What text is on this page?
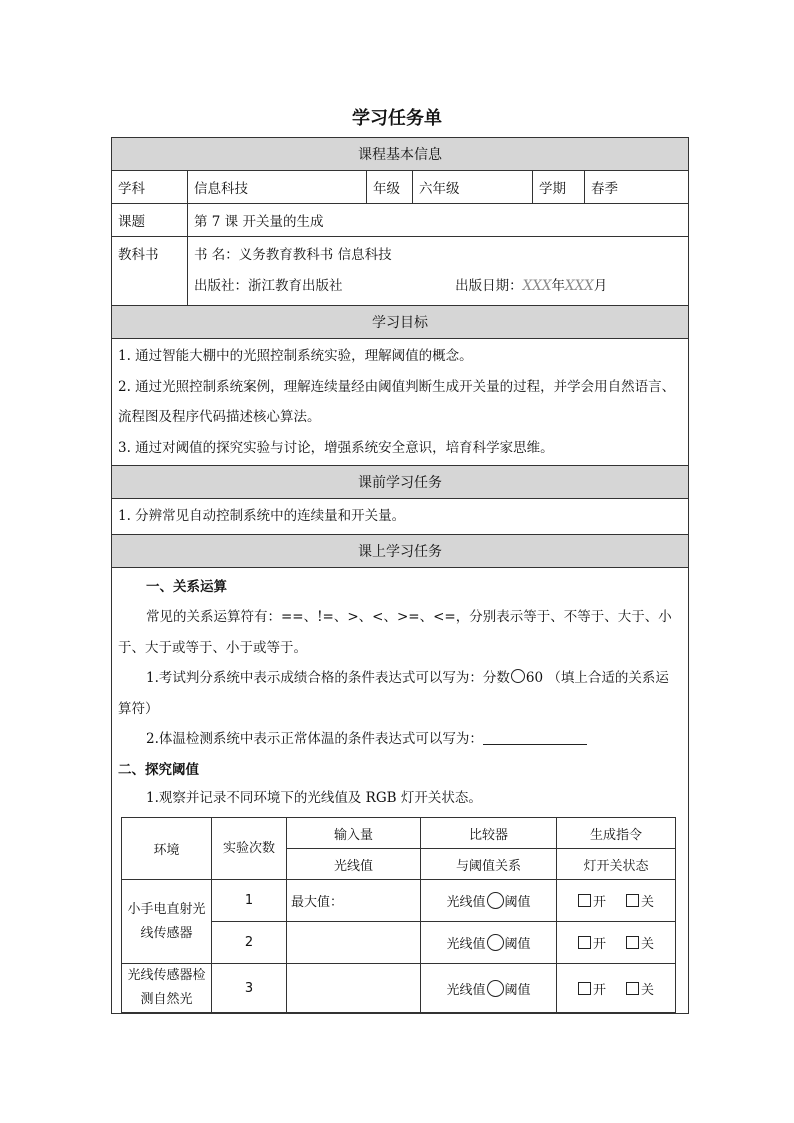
学习任务单
课程基本信息
学科	信息科技	年级	六年级	学期	春季
课题	第 7 课 开关量的生成
教科书	书 名：义务教育教科书 信息科技
出版社：浙江教育出版社	出版日期：XXX年XXX月

学习目标

1. 通过智能大棚中的光照控制系统实验，理解阈值的概念。

2. 通过光照控制系统案例，理解连续量经由阈值判断生成开关量的过程，并学会用自然语言、流程图及程序代码描述核心算法。

3. 通过对阈值的探究实验与讨论，增强系统安全意识，培育科学家思维。

课前学习任务

1. 分辨常见自动控制系统中的连续量和开关量。

课上学习任务

一、关系运算

常见的关系运算符有：==、!=、>、<、>=、<=，分别表示等于、不等于、大于、小于、大于或等于、小于或等于。

1.考试判分系统中表示成绩合格的条件表达式可以写为：分数 60 （填上合适的关系运算符）

2.体温检测系统中表示正常体温的条件表达式可以写为：

二、探究阈值

1.观察并记录不同环境下的光线值及 RGB 灯开关状态。

环境	实验次数	输入量	比较器	生成指令
光线值	与阈值关系	灯开关状态
小手电直射光线传感器	1	最大值：	光线值 阈值	开	关
2		光线值 阈值	开	关
光线传感器检测自然光	3		光线值 阈值	开	关
